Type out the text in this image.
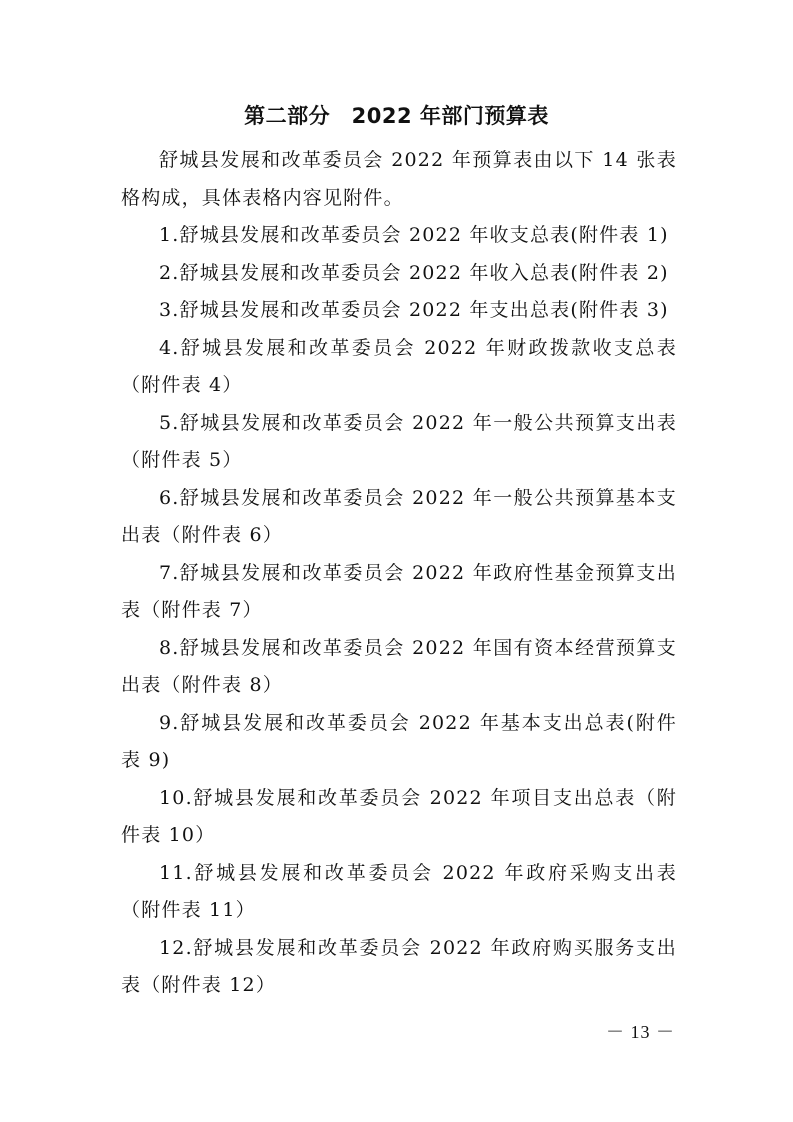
第二部分　2022 年部门预算表

舒城县发展和改革委员会 2022 年预算表由以下 14 张表格构成，具体表格内容见附件。

1.舒城县发展和改革委员会 2022 年收支总表(附件表 1)

2.舒城县发展和改革委员会 2022 年收入总表(附件表 2)

3.舒城县发展和改革委员会 2022 年支出总表(附件表 3)

4.舒城县发展和改革委员会 2022 年财政拨款收支总表（附件表 4）

5.舒城县发展和改革委员会 2022 年一般公共预算支出表（附件表 5）

6.舒城县发展和改革委员会 2022 年一般公共预算基本支出表（附件表 6）

7.舒城县发展和改革委员会 2022 年政府性基金预算支出表（附件表 7）

8.舒城县发展和改革委员会 2022 年国有资本经营预算支出表（附件表 8）

9.舒城县发展和改革委员会 2022 年基本支出总表(附件表 9)

10.舒城县发展和改革委员会 2022 年项目支出总表（附件表 10）

11.舒城县发展和改革委员会 2022 年政府采购支出表（附件表 11）

12.舒城县发展和改革委员会 2022 年政府购买服务支出表（附件表 12）

－ 13 －
